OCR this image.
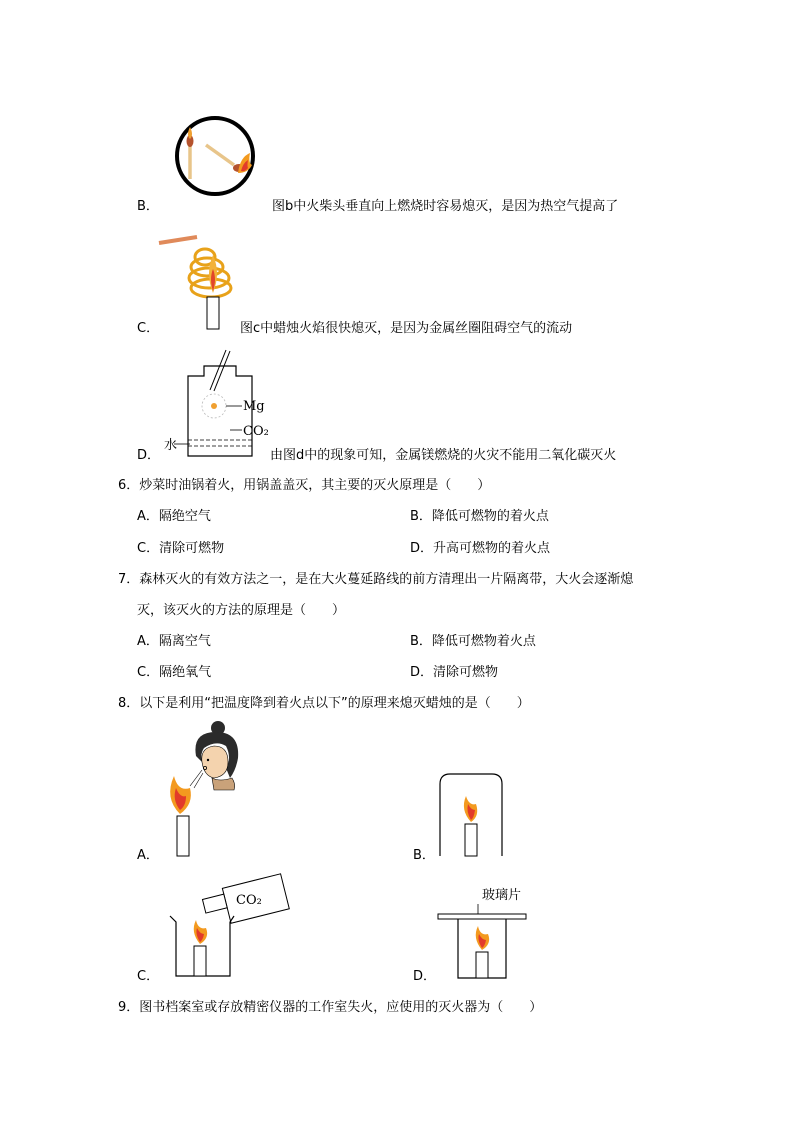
B．	图b中火柴头垂直向上燃烧时容易熄灭，是因为热空气提高了
C．	图c中蜡烛火焰很快熄灭，是因为金属丝圈阻碍空气的流动
Mg
CO₂
水
D．	由图d中的现象可知，金属镁燃烧的火灾不能用二氧化碳灭火
6．炒菜时油锅着火，用锅盖盖灭，其主要的灭火原理是（　　）
A．隔绝空气	B．降低可燃物的着火点
C．清除可燃物	D．升高可燃物的着火点
7．森林灭火的有效方法之一，是在大火蔓延路线的前方清理出一片隔离带，大火会逐渐熄
灭，该灭火的方法的原理是（　　）
A．隔离空气	B．降低可燃物着火点
C．隔绝氧气	D．清除可燃物
8．以下是利用“把温度降到着火点以下”的原理来熄灭蜡烛的是（　　）
A．	B．
CO₂
C．
玻璃片
D．
9．图书档案室或存放精密仪器的工作室失火，应使用的灭火器为（　　）
